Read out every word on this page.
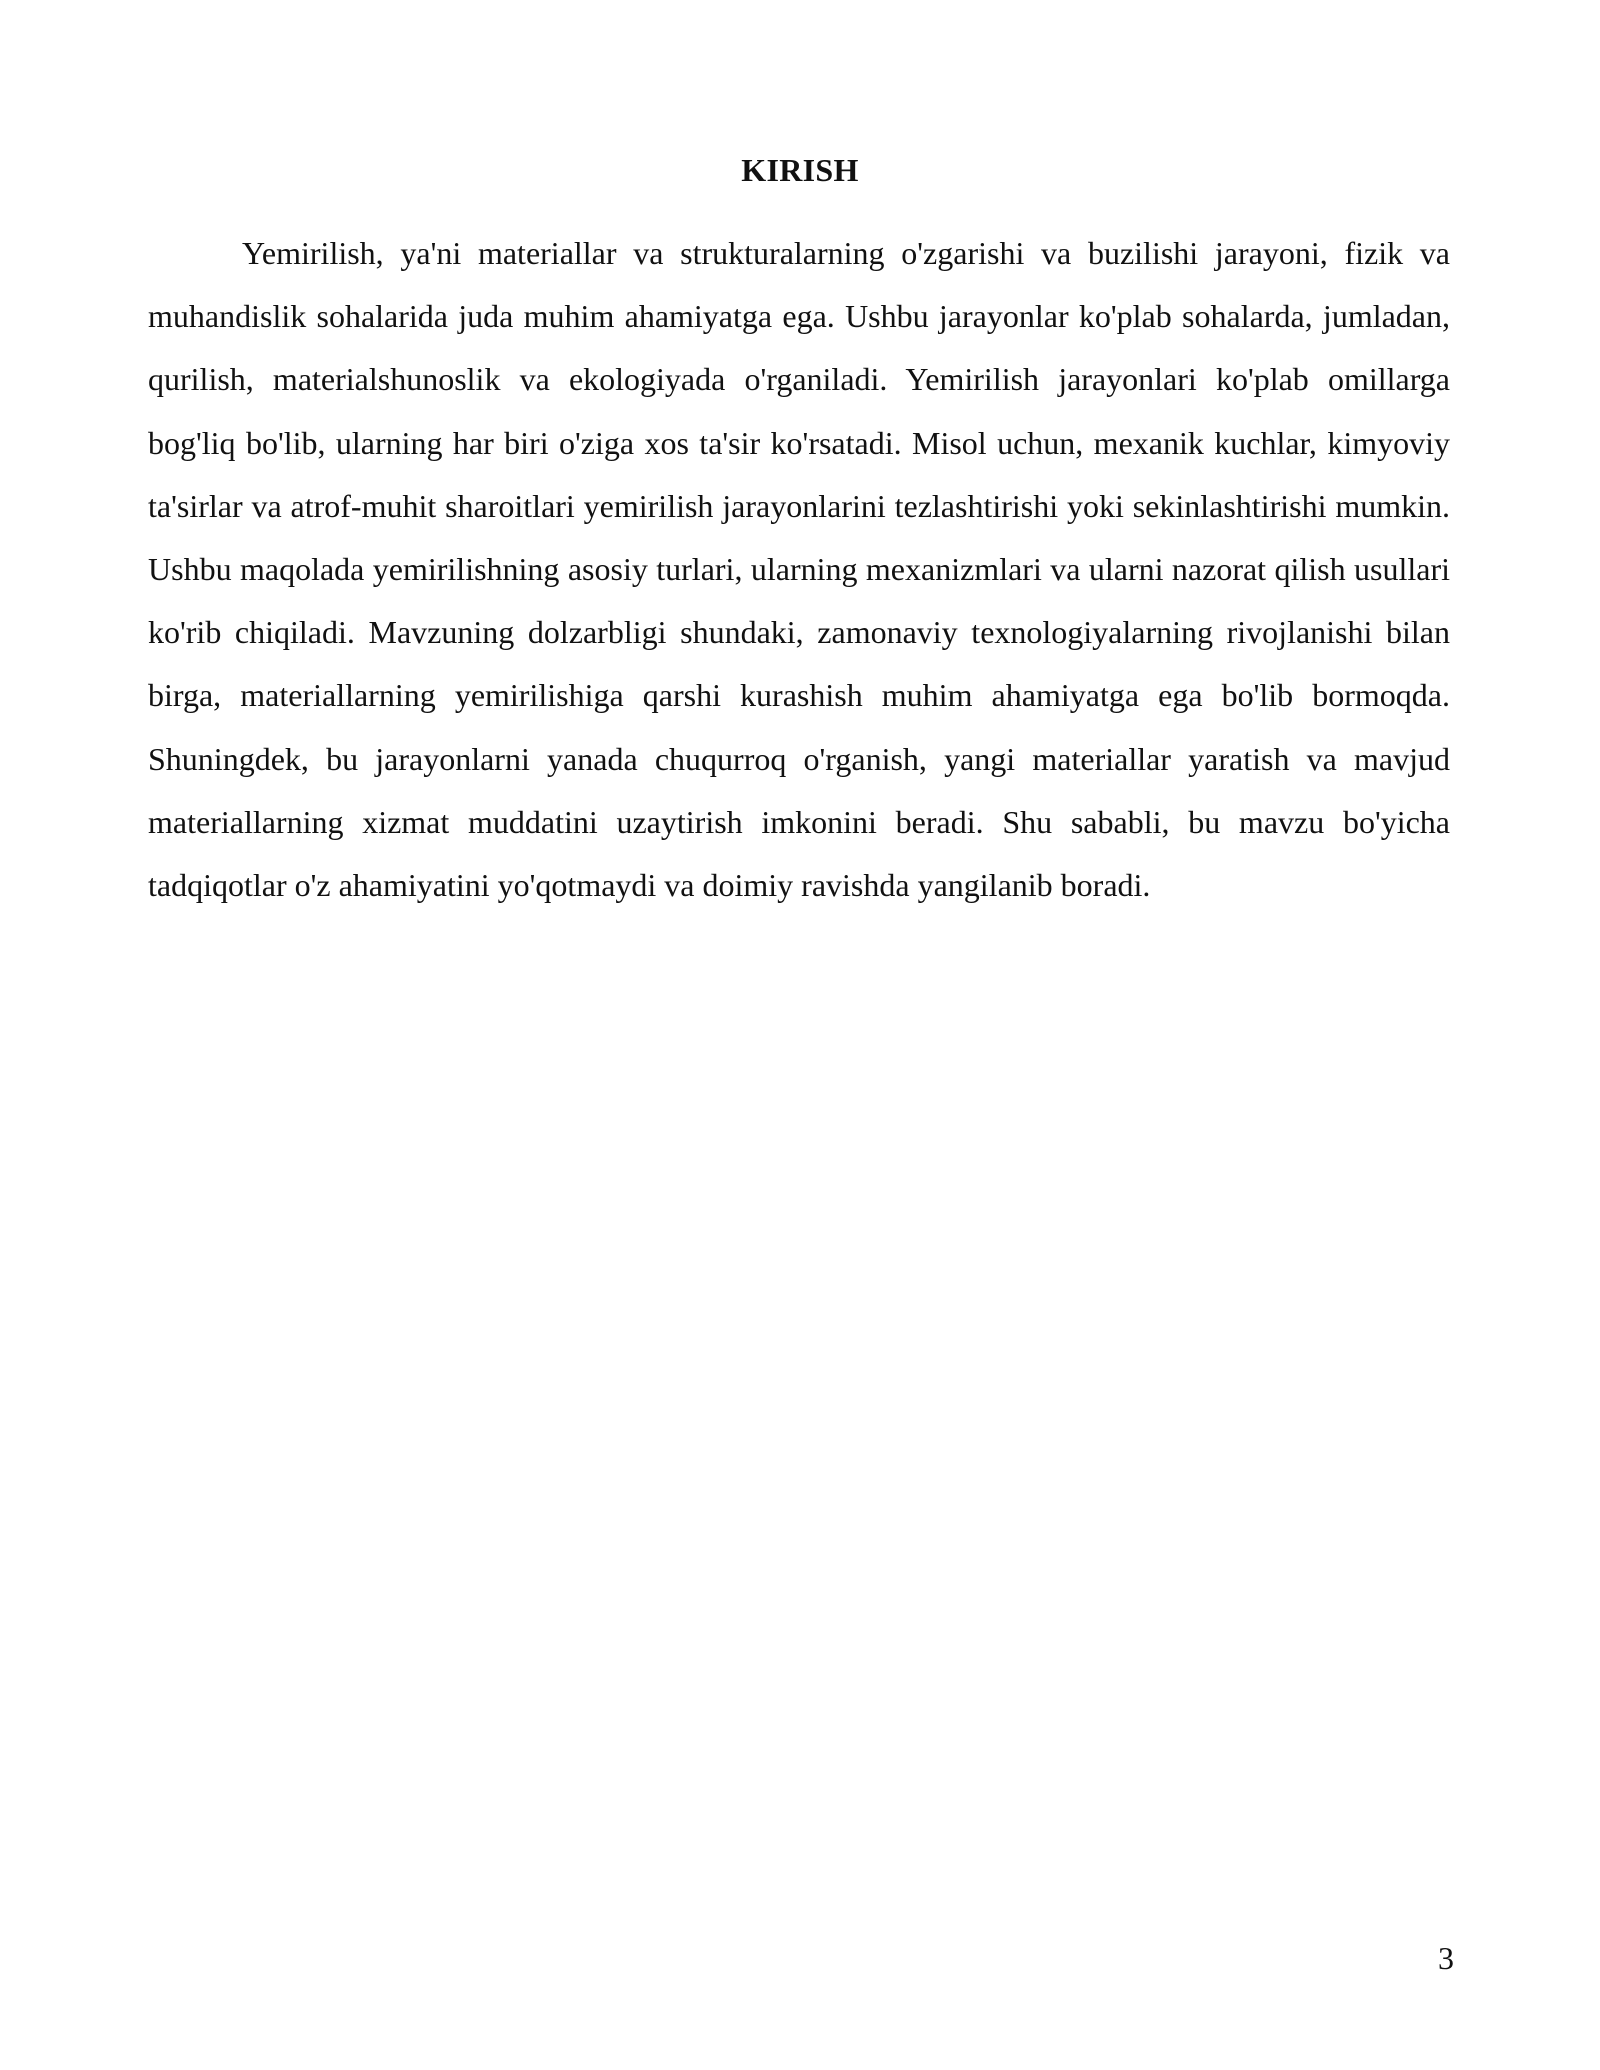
KIRISH

Yemirilish, ya'ni materiallar va strukturalarning o'zgarishi va buzilishi jarayoni, fizik va muhandislik sohalarida juda muhim ahamiyatga ega. Ushbu jarayonlar ko'plab sohalarda, jumladan, qurilish, materialshunoslik va ekologiyada o'rganiladi. Yemirilish jarayonlari ko'plab omillarga bog'liq bo'lib, ularning har biri o'ziga xos ta'sir ko'rsatadi. Misol uchun, mexanik kuchlar, kimyoviy ta'sirlar va atrof-muhit sharoitlari yemirilish jarayonlarini tezlashtirishi yoki sekinlashtirishi mumkin. Ushbu maqolada yemirilishning asosiy turlari, ularning mexanizmlari va ularni nazorat qilish usullari ko'rib chiqiladi. Mavzuning dolzarbligi shundaki, zamonaviy texnologiyalarning rivojlanishi bilan birga, materiallarning yemirilishiga qarshi kurashish muhim ahamiyatga ega bo'lib bormoqda. Shuningdek, bu jarayonlarni yanada chuqurroq o'rganish, yangi materiallar yaratish va mavjud materiallarning xizmat muddatini uzaytirish imkonini beradi. Shu sababli, bu mavzu bo'yicha tadqiqotlar o'z ahamiyatini yo'qotmaydi va doimiy ravishda yangilanib boradi.

3
